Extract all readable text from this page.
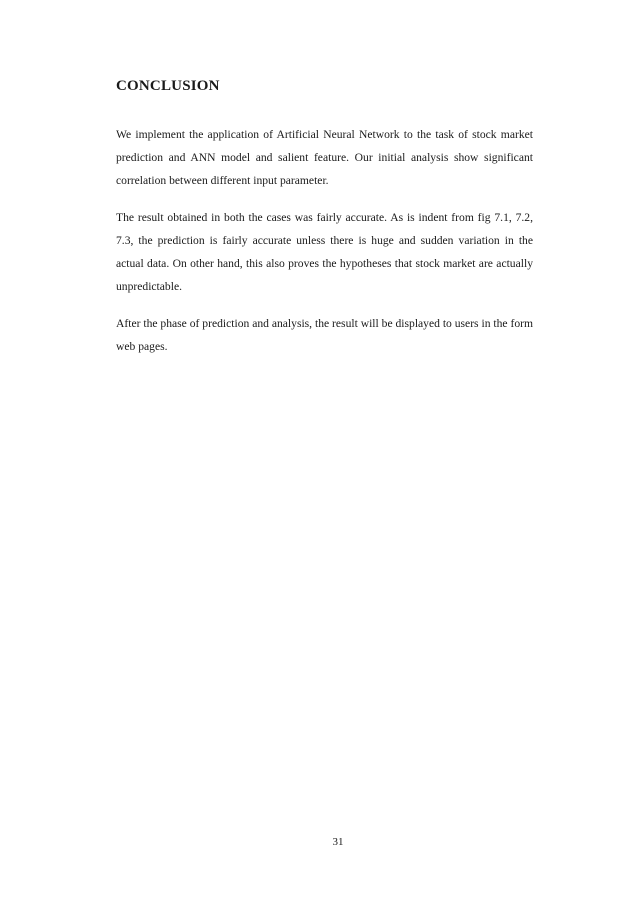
CONCLUSION

We implement the application of Artificial Neural Network to the task of stock market prediction and ANN model and salient feature. Our initial analysis show significant correlation between different input parameter.

The result obtained in both the cases was fairly accurate. As is indent from fig 7.1, 7.2, 7.3, the prediction is fairly accurate unless there is huge and sudden variation in the actual data. On other hand, this also proves the hypotheses that stock market are actually unpredictable.

After the phase of prediction and analysis, the result will be displayed to users in the form web pages.

31
